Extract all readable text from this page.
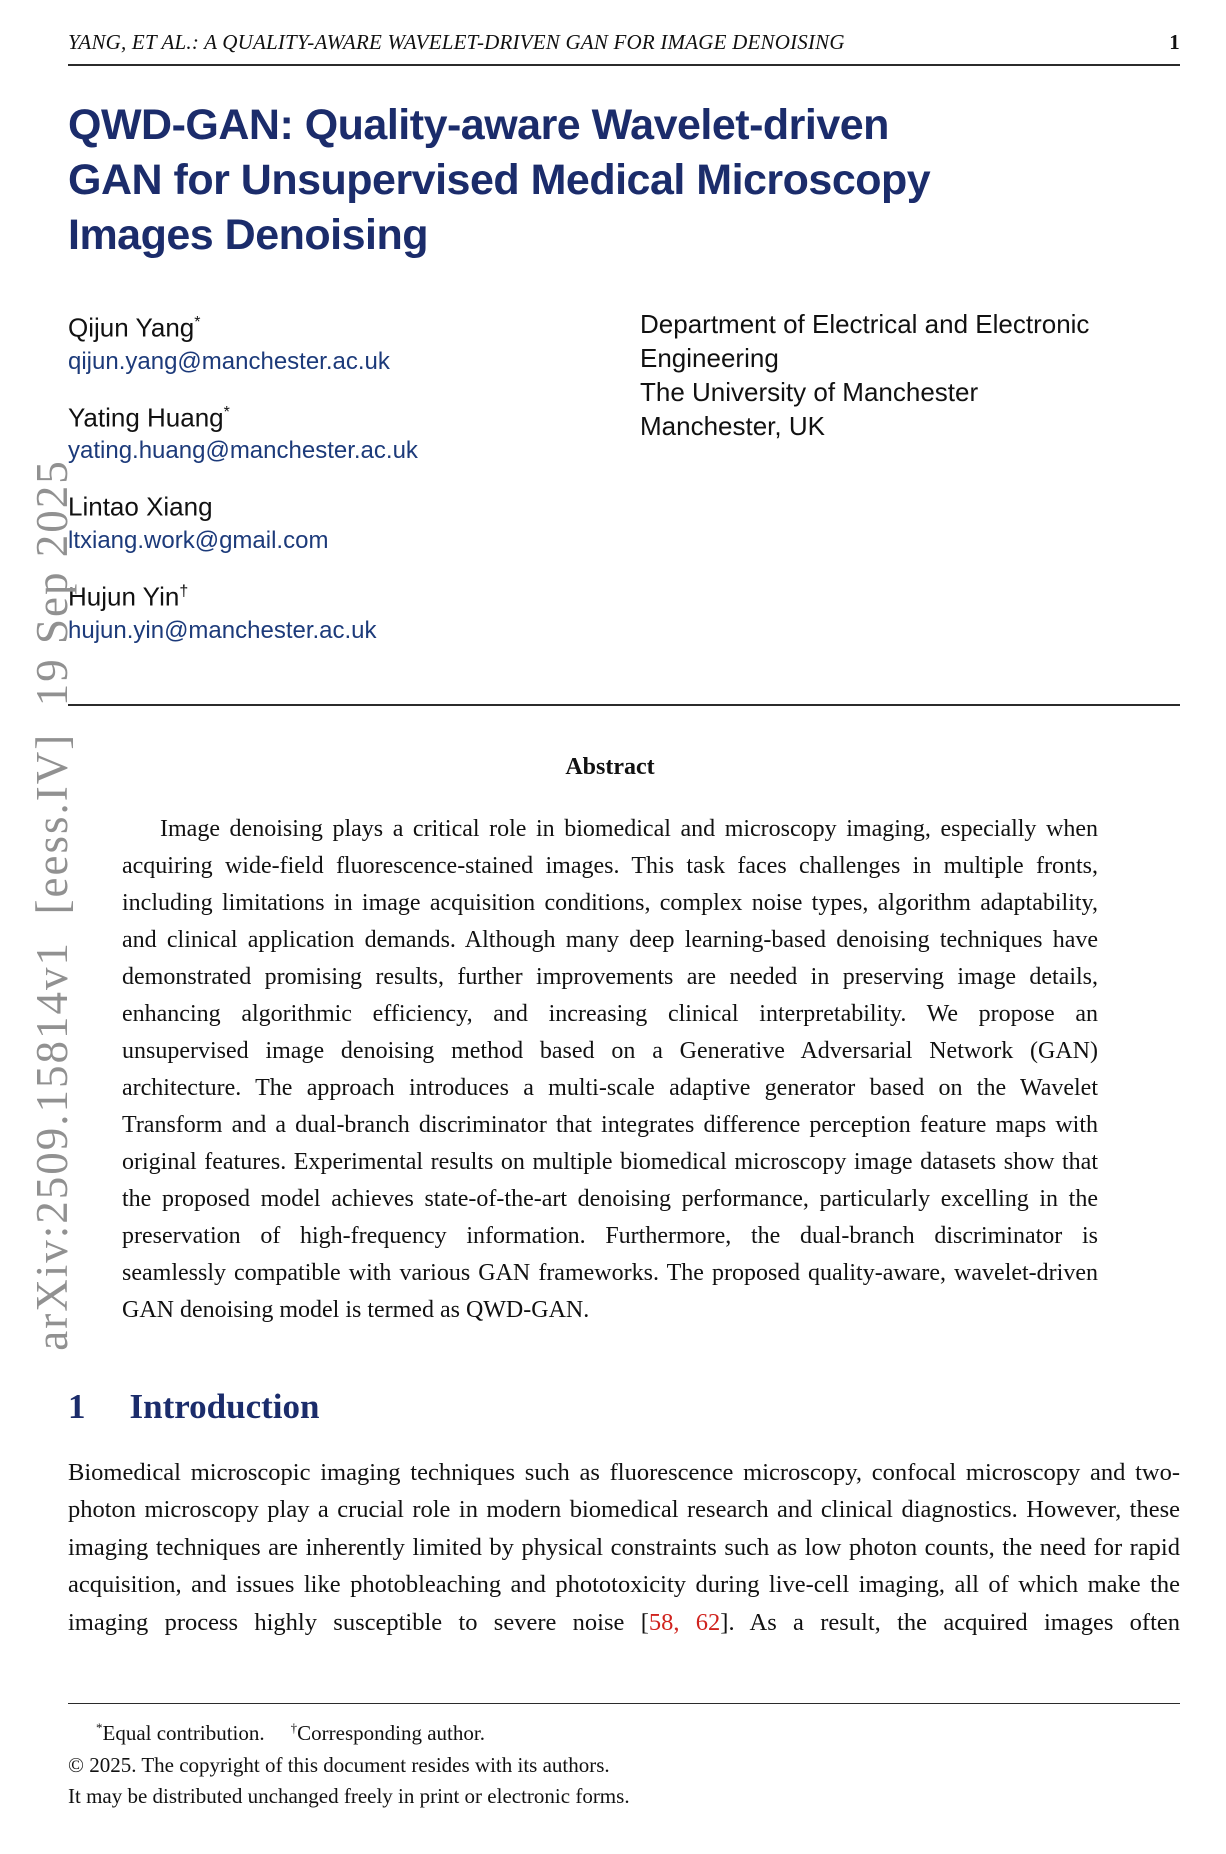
arXiv:2509.15814v1  [eess.IV]  19 Sep 2025
YANG, ET AL.: A QUALITY-AWARE WAVELET-DRIVEN GAN FOR IMAGE DENOISING	1
QWD-GAN: Quality-aware Wavelet-driven
GAN for Unsupervised Medical Microscopy
Images Denoising
Qijun Yang*
qijun.yang@manchester.ac.uk
Yating Huang*
yating.huang@manchester.ac.uk
Lintao Xiang
ltxiang.work@gmail.com
Hujun Yin†
hujun.yin@manchester.ac.uk
Department of Electrical and Electronic Engineering
The University of Manchester
Manchester, UK
Abstract
Image denoising plays a critical role in biomedical and microscopy imaging, especially when acquiring wide-field fluorescence-stained images. This task faces challenges in multiple fronts, including limitations in image acquisition conditions, complex noise types, algorithm adaptability, and clinical application demands. Although many deep learning-based denoising techniques have demonstrated promising results, further improvements are needed in preserving image details, enhancing algorithmic efficiency, and increasing clinical interpretability. We propose an unsupervised image denoising method based on a Generative Adversarial Network (GAN) architecture. The approach introduces a multi-scale adaptive generator based on the Wavelet Transform and a dual-branch discriminator that integrates difference perception feature maps with original features. Experimental results on multiple biomedical microscopy image datasets show that the proposed model achieves state-of-the-art denoising performance, particularly excelling in the preservation of high-frequency information. Furthermore, the dual-branch discriminator is seamlessly compatible with various GAN frameworks. The proposed quality-aware, wavelet-driven GAN denoising model is termed as QWD-GAN.
1 Introduction
Biomedical microscopic imaging techniques such as fluorescence microscopy, confocal microscopy and two-photon microscopy play a crucial role in modern biomedical research and clinical diagnostics. However, these imaging techniques are inherently limited by physical constraints such as low photon counts, the need for rapid acquisition, and issues like photobleaching and phototoxicity during live-cell imaging, all of which make the imaging process highly susceptible to severe noise [58, 62]. As a result, the acquired images often
*Equal contribution. †Corresponding author.
© 2025. The copyright of this document resides with its authors.
It may be distributed unchanged freely in print or electronic forms.
